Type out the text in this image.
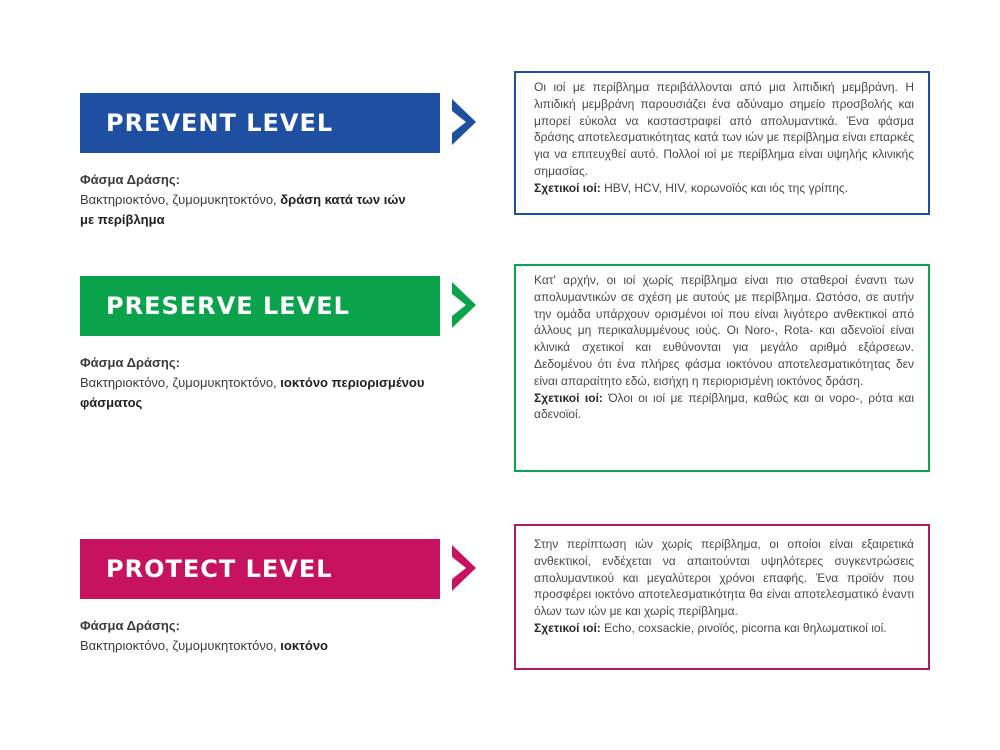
PREVENT LEVEL
Φάσμα Δράσης:
Βακτηριοκτόνο, ζυμομυκητοκτόνο, δράση κατά των ιών με περίβλημα
Οι ιοί με περίβλημα περιβάλλονται από μια λιπιδική μεμβράνη. Η λιπιδική μεμβράνη παρουσιάζει ένα αδύναμο σημείο προσβολής και μπορεί εύκολα να κασταστραφεί από απολυμαντικά. Ένα φάσμα δράσης αποτελεσματικότητας κατά των ιών με περίβλημα είναι επαρκές για να επιτευχθεί αυτό. Πολλοί ιοί με περίβλημα είναι υψηλής κλινικής σημασίας.
Σχετικοί ιοί: HBV, HCV, HIV, κορωνοϊός και ιός της γρίπης.
PRESERVE LEVEL
Φάσμα Δράσης:
Βακτηριοκτόνο, ζυμομυκητοκτόνο, ιοκτόνο περιορισμένου φάσματος
Κατ' αρχήν, οι ιοί χωρίς περίβλημα είναι πιο σταθεροί έναντι των απολυμαντικών σε σχέση με αυτούς με περίβλημα. Ωστόσο, σε αυτήν την ομάδα υπάρχουν ορισμένοι ιοί που είναι λιγότερο ανθεκτικοί από άλλους μη περικαλυμμένους ιούς. Οι Noro-, Rota- και αδενοϊοί είναι κλινικά σχετικοί και ευθύνονται για μεγάλο αριθμό εξάρσεων. Δεδομένου ότι ένα πλήρες φάσμα ιοκτόνου αποτελεσματικότητας δεν είναι απαραίτητο εδώ, εισήχη η περιορισμένη ιοκτόνος δράση.
Σχετικοί ιοί: Όλοι οι ιοί με περίβλημα, καθώς και οι νορο-, ρότα και αδενοϊοί.
PROTECT LEVEL
Φάσμα Δράσης:
Βακτηριοκτόνο, ζυμομυκητοκτόνο, ιοκτόνο
Στην περίπτωση ιών χωρίς περίβλημα, οι οποίοι είναι εξαιρετικά ανθεκτικοί, ενδέχεται να απαιτούνται υψηλότερες συγκεντρώσεις απολυμαντικού και μεγαλύτεροι χρόνοι επαφής. Ένα προϊόν που προσφέρει ιοκτόνο αποτελεσματικότητα θα είναι αποτελεσματικό έναντι όλων των ιών με και χωρίς περίβλημα.
Σχετικοί ιοί: Echo, coxsackie, ρινοϊός, picorna και θηλωματικοί ιοί.
